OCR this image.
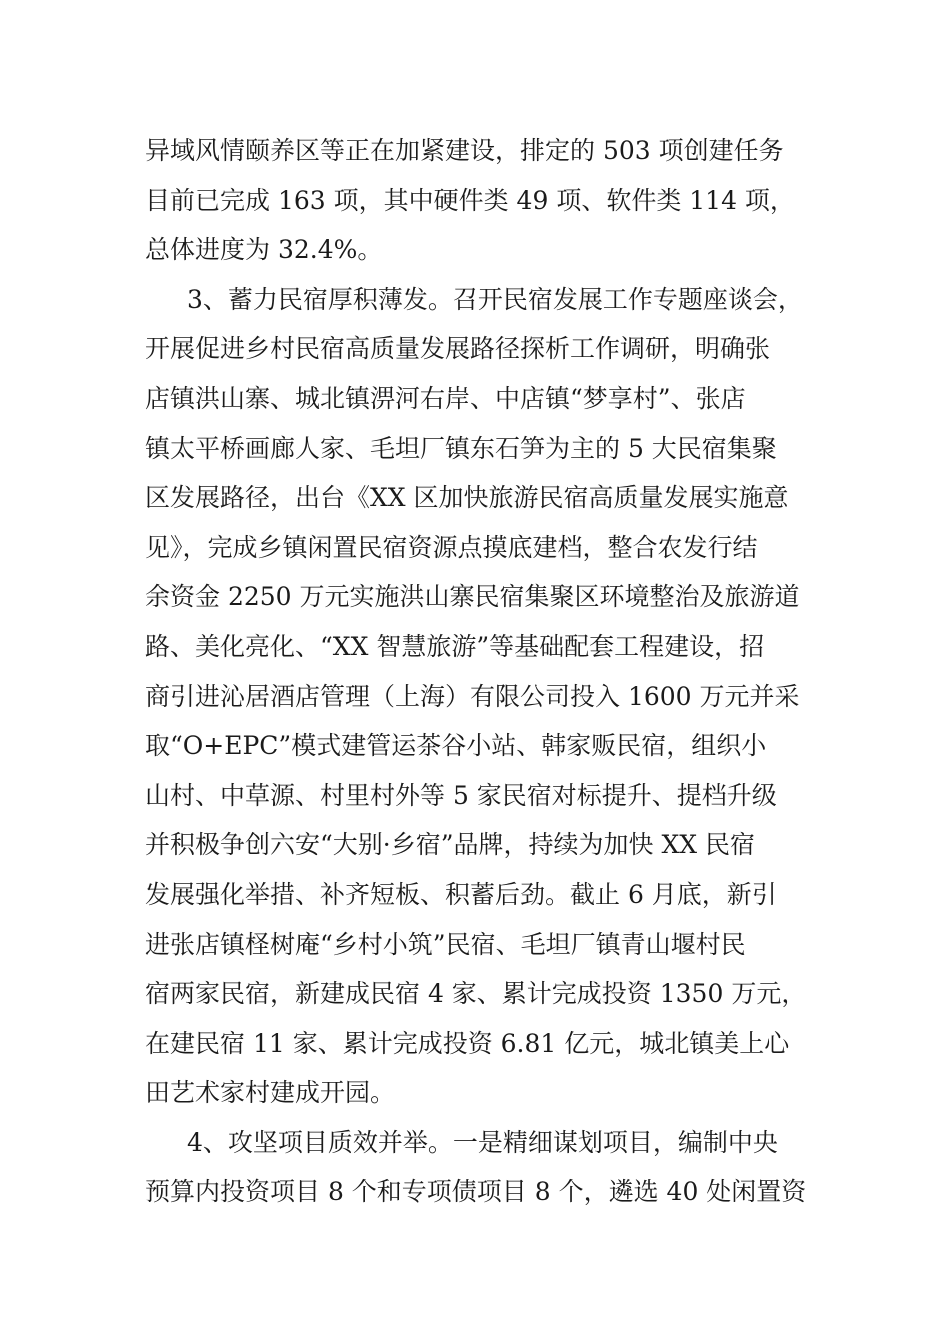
异域风情颐养区等正在加紧建设，排定的 503 项创建任务
目前已完成 163 项，其中硬件类 49 项、软件类 114 项，
总体进度为 32.4%。
3、蓄力民宿厚积薄发。召开民宿发展工作专题座谈会，
开展促进乡村民宿高质量发展路径探析工作调研，明确张
店镇洪山寨、城北镇淠河右岸、中店镇“梦享村”、张店
镇太平桥画廊人家、毛坦厂镇东石笋为主的 5 大民宿集聚
区发展路径，出台《XX 区加快旅游民宿高质量发展实施意
见》，完成乡镇闲置民宿资源点摸底建档，整合农发行结
余资金 2250 万元实施洪山寨民宿集聚区环境整治及旅游道
路、美化亮化、“XX 智慧旅游”等基础配套工程建设，招
商引进沁居酒店管理（上海）有限公司投入 1600 万元并采
取“O+EPC”模式建管运茶谷小站、韩家贩民宿，组织小
山村、中草源、村里村外等 5 家民宿对标提升、提档升级
并积极争创六安“大别·乡宿”品牌，持续为加快 XX 民宿
发展强化举措、补齐短板、积蓄后劲。截止 6 月底，新引
进张店镇柽树庵“乡村小筑”民宿、毛坦厂镇青山堰村民
宿两家民宿，新建成民宿 4 家、累计完成投资 1350 万元，
在建民宿 11 家、累计完成投资 6.81 亿元，城北镇美上心
田艺术家村建成开园。
4、攻坚项目质效并举。一是精细谋划项目，编制中央
预算内投资项目 8 个和专项债项目 8 个，遴选 40 处闲置资
